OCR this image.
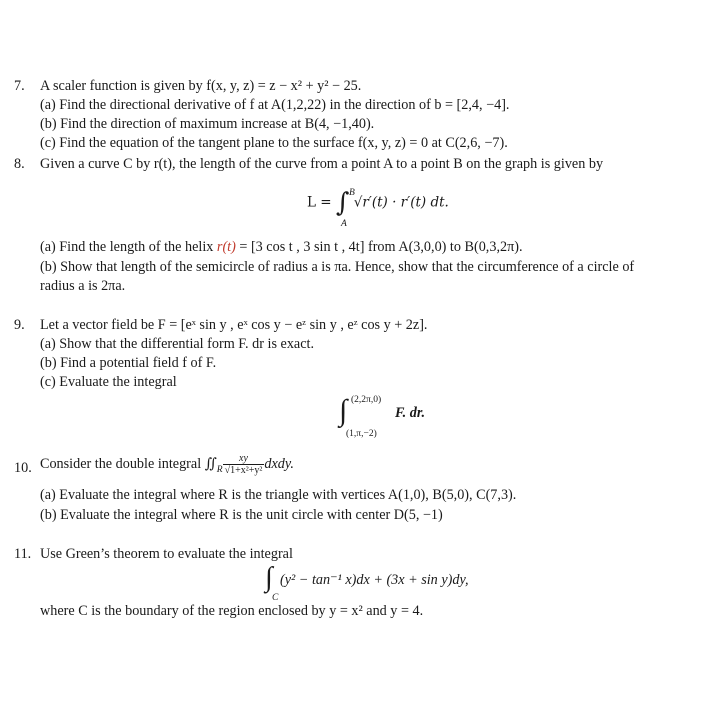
7. A scaler function is given by f(x, y, z) = z − x² + y² − 25.
(a) Find the directional derivative of f at A(1,2,22) in the direction of b = [2,4, −4].
(b) Find the direction of maximum increase at B(4, −1,40).
(c) Find the equation of the tangent plane to the surface f(x, y, z) = 0 at C(2,6, −7).
8. Given a curve C by r(t), the length of the curve from a point A to a point B on the graph is given by
L = ∫ √r′(t) · r′(t) dt.
B
A
(a) Find the length of the helix r(t) = [3 cos t , 3 sin t , 4t] from A(3,0,0) to B(0,3,2π).
(b) Show that length of the semicircle of radius a is πa. Hence, show that the circumference of a circle of
radius a is 2πa.
9. Let a vector field be F = [eˣ sin y , eˣ cos y − eᶻ sin y , eᶻ cos y + 2z].
(a) Show that the differential form F. dr is exact.
(b) Find a potential field f of F.
(c) Evaluate the integral
∫ (2,2π,0)
(1,π,−2)
F. dr.
10. Consider the double integral $∬_R \frac{xy}{\text{√1+x²+y²}}$ dxdy.
(a) Evaluate the integral where R is the triangle with vertices A(1,0), B(5,0), C(7,3).
(b) Evaluate the integral where R is the unit circle with center D(5, −1)
11. Use Green’s theorem to evaluate the integral
∫
C
(y² − tan⁻¹ x)dx + (3x + sin y)dy,
where C is the boundary of the region enclosed by y = x² and y = 4.
